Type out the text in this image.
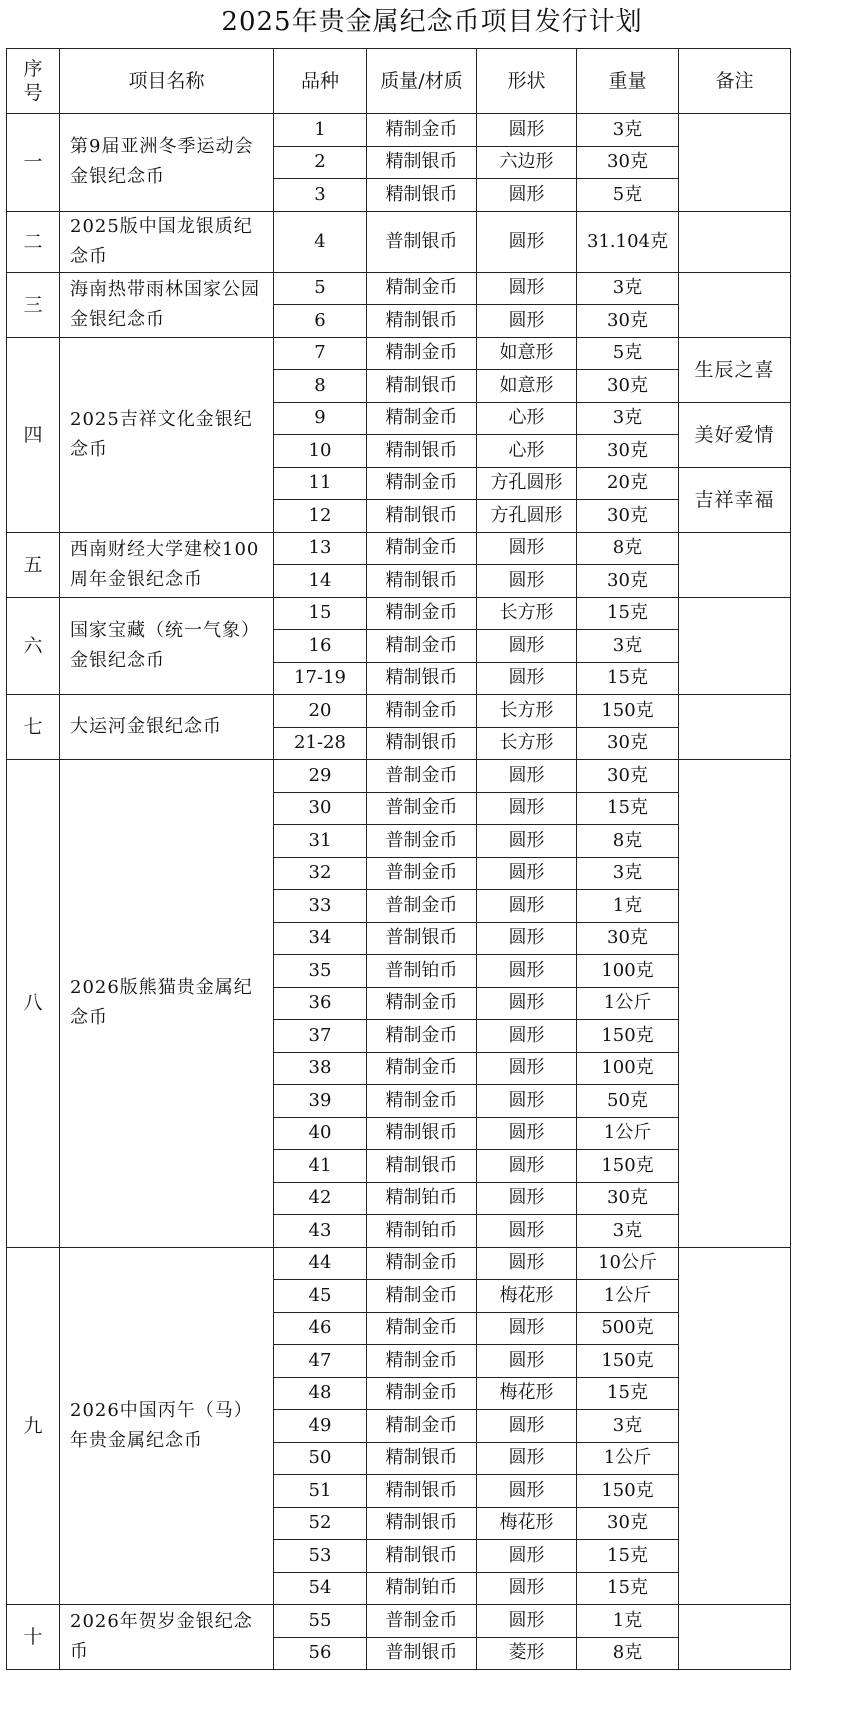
2025年贵金属纪念币项目发行计划
序号	项目名称	品种	质量/材质	形状	重量	备注
一	第9届亚洲冬季运动会金银纪念币	1	精制金币	圆形	3克	
		2	精制银币	六边形	30克	
		3	精制银币	圆形	5克	
二	2025版中国龙银质纪念币	4	普制银币	圆形	31.104克	
三	海南热带雨林国家公园金银纪念币	5	精制金币	圆形	3克	
		6	精制银币	圆形	30克	
四	2025吉祥文化金银纪念币	7	精制金币	如意形	5克	生辰之喜
		8	精制银币	如意形	30克	
		9	精制金币	心形	3克	美好爱情
		10	精制银币	心形	30克	
		11	精制金币	方孔圆形	20克	吉祥幸福
		12	精制银币	方孔圆形	30克	
五	西南财经大学建校100周年金银纪念币	13	精制金币	圆形	8克	
		14	精制银币	圆形	30克	
六	国家宝藏（统一气象）金银纪念币	15	精制金币	长方形	15克	
		16	精制金币	圆形	3克	
		17-19	精制银币	圆形	15克	
七	大运河金银纪念币	20	精制金币	长方形	150克	
		21-28	精制银币	长方形	30克	
八	2026版熊猫贵金属纪念币	29	普制金币	圆形	30克	
		30	普制金币	圆形	15克	
		31	普制金币	圆形	8克	
		32	普制金币	圆形	3克	
		33	普制金币	圆形	1克	
		34	普制银币	圆形	30克	
		35	普制铂币	圆形	100克	
		36	精制金币	圆形	1公斤	
		37	精制金币	圆形	150克	
		38	精制金币	圆形	100克	
		39	精制金币	圆形	50克	
		40	精制银币	圆形	1公斤	
		41	精制银币	圆形	150克	
		42	精制铂币	圆形	30克	
		43	精制铂币	圆形	3克	
九	2026中国丙午（马）年贵金属纪念币	44	精制金币	圆形	10公斤	
		45	精制金币	梅花形	1公斤	
		46	精制金币	圆形	500克	
		47	精制金币	圆形	150克	
		48	精制金币	梅花形	15克	
		49	精制金币	圆形	3克	
		50	精制银币	圆形	1公斤	
		51	精制银币	圆形	150克	
		52	精制银币	梅花形	30克	
		53	精制银币	圆形	15克	
		54	精制铂币	圆形	15克	
十	2026年贺岁金银纪念币	55	普制金币	圆形	1克	
		56	普制银币	菱形	8克	
